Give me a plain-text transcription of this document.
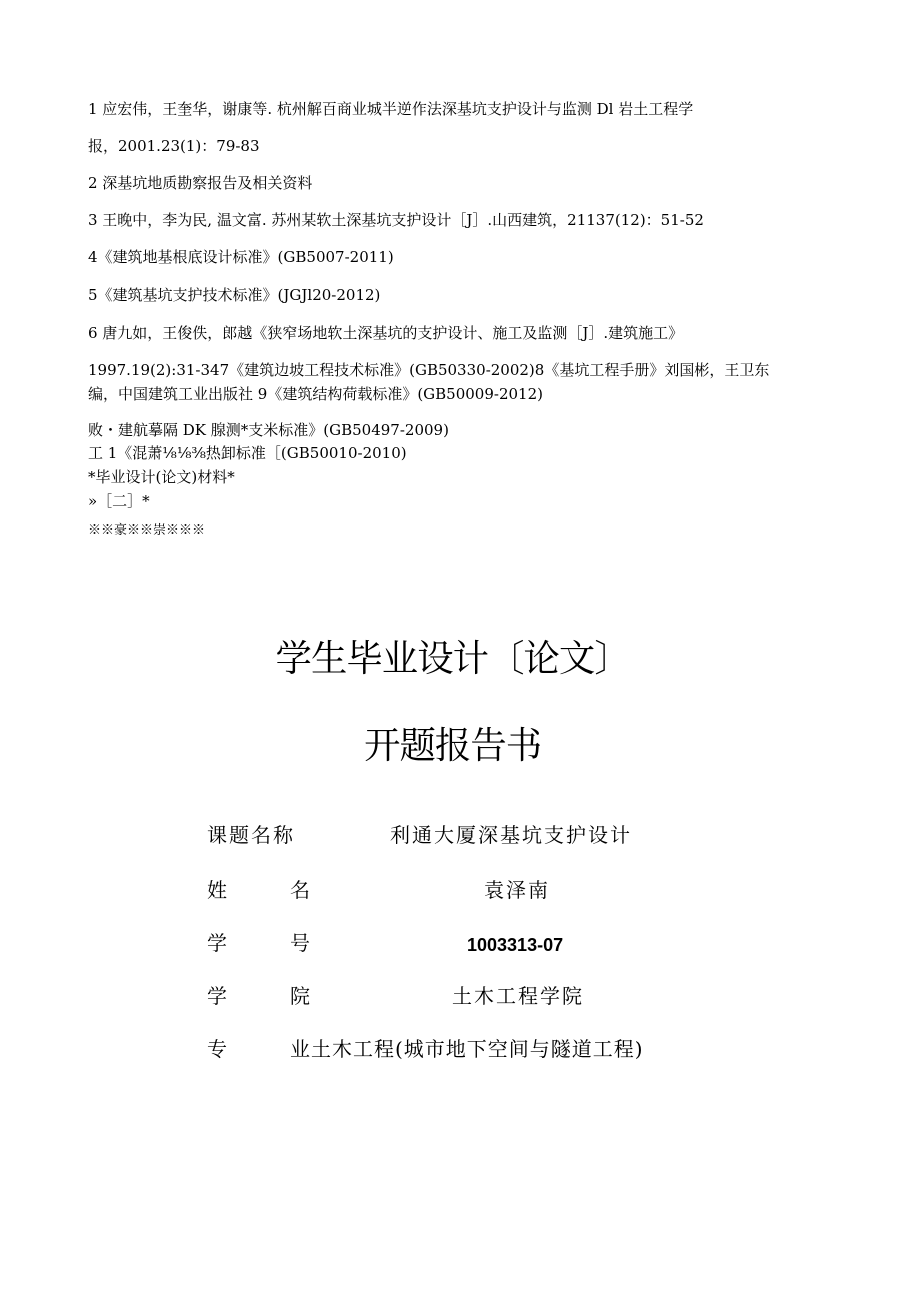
1 应宏伟，王奎华，谢康等. 杭州解百商业城半逆作法深基坑支护设计与监测 Dl 岩土工程学
报，2001.23(1)：79-83
2 深基坑地质勘察报告及相关资料
3 王晚中，李为民, 温文富. 苏州某软土深基坑支护设计［J］.山西建筑，21137(12)：51-52
4《建筑地基根底设计标准》(GB5007-2011)
5《建筑基坑支护技术标准》(JGJl20-2012)
6 唐九如，王俊佚，郎越《狭窄场地软土深基坑的支护设计、施工及监测［J］.建筑施工》
1997.19(2):31-347《建筑边坡工程技术标准》(GB50330-2002)8《基坑工程手册》刘国彬，王卫东
编，中国建筑工业出版社 9《建筑结构荷载标准》(GB50009-2012)
败・建航摹隔 DK 腺测*支米标准》(GB50497-2009)
工 1《混萧⅛⅛⅜热卸标准［(GB50010-2010)
*毕业设计(论文)材料*
»［二］*
※※豪※※崇※※※
学生毕业设计〔论文〕
开题报告书
课题名称	利通大厦深基坑支护设计
姓	名	袁泽南
学	号	1003313-07
学	院	土木工程学院
专	业土木工程(城市地下空间与隧道工程)
